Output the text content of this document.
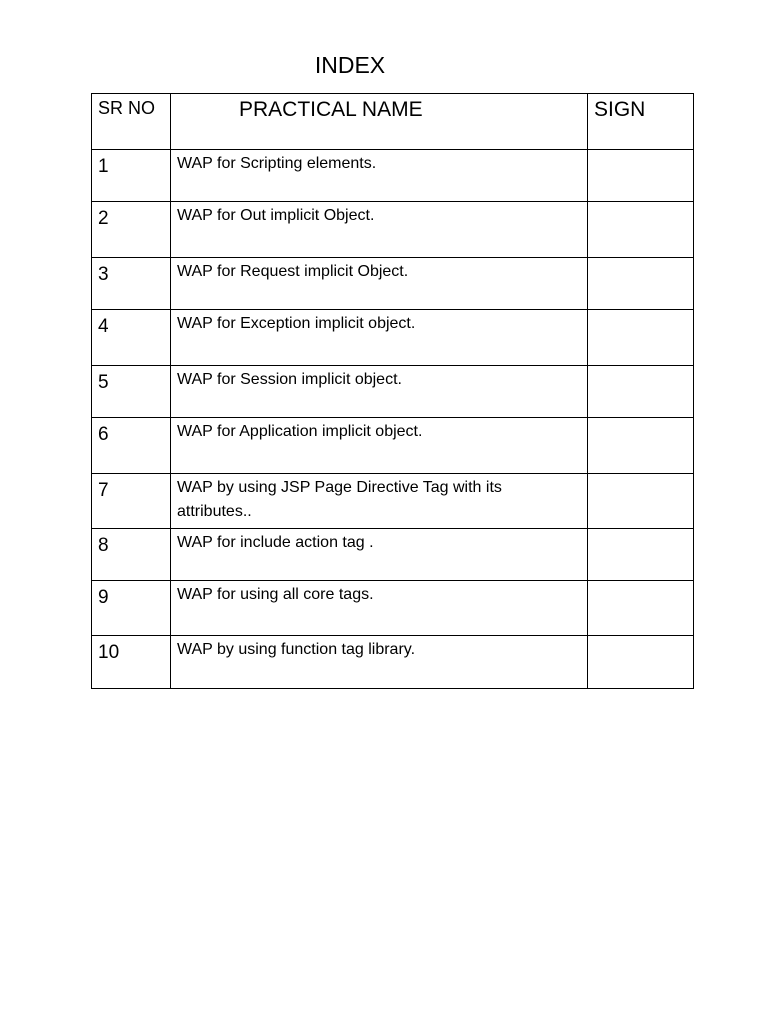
INDEX
SR NO	PRACTICAL NAME	SIGN
1	WAP for Scripting elements.	
2	WAP for Out implicit Object.	
3	WAP for Request implicit Object.	
4	WAP for Exception implicit object.	
5	WAP for Session implicit object.	
6	WAP for Application implicit object.	
7	WAP by using JSP Page Directive Tag with its attributes..	
8	WAP for include action tag .	
9	WAP for using all core tags.	
10	WAP by using function tag library.	
